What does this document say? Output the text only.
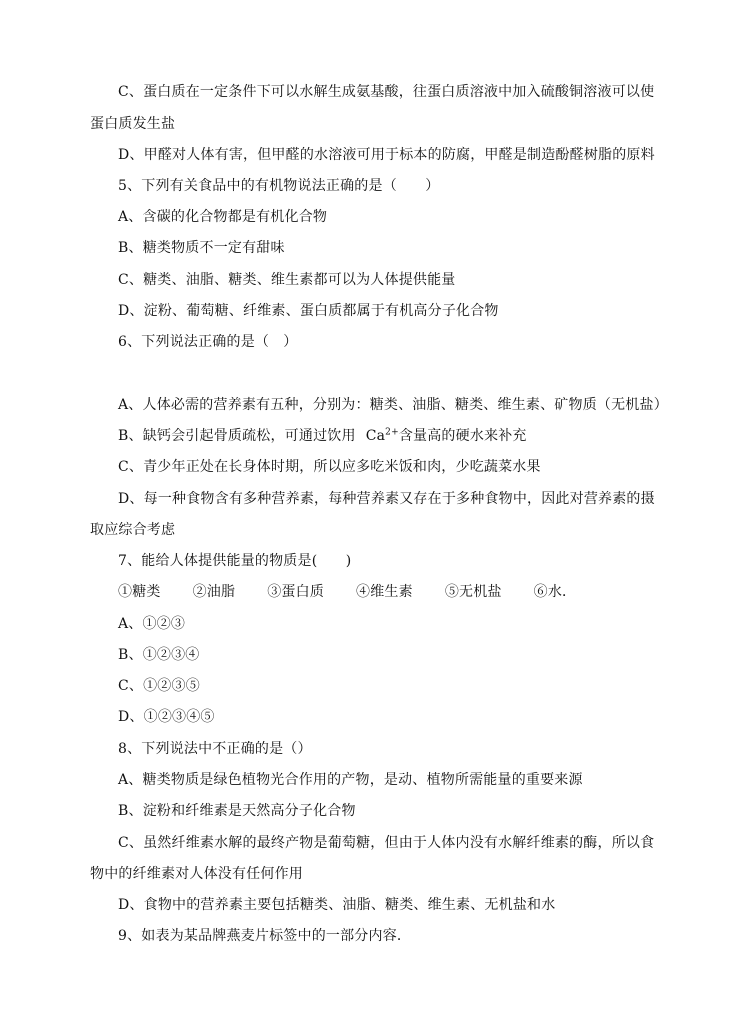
C、蛋白质在一定条件下可以水解生成氨基酸，往蛋白质溶液中加入硫酸铜溶液可以使
蛋白质发生盐
D、甲醛对人体有害，但甲醛的水溶液可用于标本的防腐，甲醛是制造酚醛树脂的原料
5、下列有关食品中的有机物说法正确的是（　　）
A、含碳的化合物都是有机化合物
B、糖类物质不一定有甜味
C、糖类、油脂、糖类、维生素都可以为人体提供能量
D、淀粉、葡萄糖、纤维素、蛋白质都属于有机高分子化合物
6、下列说法正确的是（　）
A、人体必需的营养素有五种，分别为：糖类、油脂、糖类、维生素、矿物质（无机盐）
B、缺钙会引起骨质疏松，可通过饮用 $Ca^{2+}$含量高的硬水来补充
C、青少年正处在长身体时期，所以应多吃米饭和肉，少吃蔬菜水果
D、每一种食物含有多种营养素，每种营养素又存在于多种食物中，因此对营养素的摄
取应综合考虑
7、能给人体提供能量的物质是(　　)
①糖类 ②油脂 ③蛋白质 ④维生素 ⑤无机盐 ⑥水．
A、①②③
B、①②③④
C、①②③⑤
D、①②③④⑤
8、下列说法中不正确的是（）
A、糖类物质是绿色植物光合作用的产物，是动、植物所需能量的重要来源
B、淀粉和纤维素是天然高分子化合物
C、虽然纤维素水解的最终产物是葡萄糖，但由于人体内没有水解纤维素的酶，所以食
物中的纤维素对人体没有任何作用
D、食物中的营养素主要包括糖类、油脂、糖类、维生素、无机盐和水
9、如表为某品牌燕麦片标签中的一部分内容．
